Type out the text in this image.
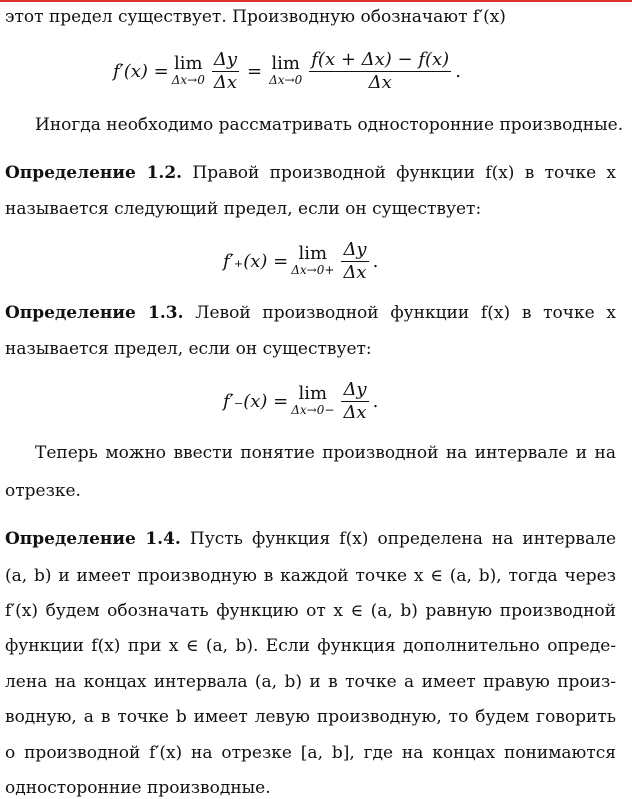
этот предел существует. Производную обозначают f′(x)
f′(x) = lim
$\Delta x\to 0 \frac{\Delta y}{\Delta x} = \lim$
$\Delta x\to 0 \frac{f(x + \Delta x) - f(x)}{\Delta x}$ .
Иногда необходимо рассматривать односторонние производные.
Определение 1.2. Правой производной функции f(x) в точке x
называется следующий предел, если он существует:
f′₊(x) = lim
$\Delta x\to 0+ \frac{\Delta y}{\Delta x}$ .
Определение 1.3. Левой производной функции f(x) в точке x
называется предел, если он существует:
f′₋(x) = lim
$\Delta x\to 0- \frac{\Delta y}{\Delta x}$ .
Теперь можно ввести понятие производной на интервале и на
отрезке.
Определение 1.4. Пусть функция f(x) определена на интервале
(a, b) и имеет производную в каждой точке x ∈ (a, b), тогда через
f′(x) будем обозначать функцию от x ∈ (a, b) равную производной
функции f(x) при x ∈ (a, b). Если функция дополнительно опреде-
лена на концах интервала (a, b) и в точке a имеет правую произ-
водную, а в точке b имеет левую производную, то будем говорить
о производной f′(x) на отрезке [a, b], где на концах понимаются
односторонние производные.
